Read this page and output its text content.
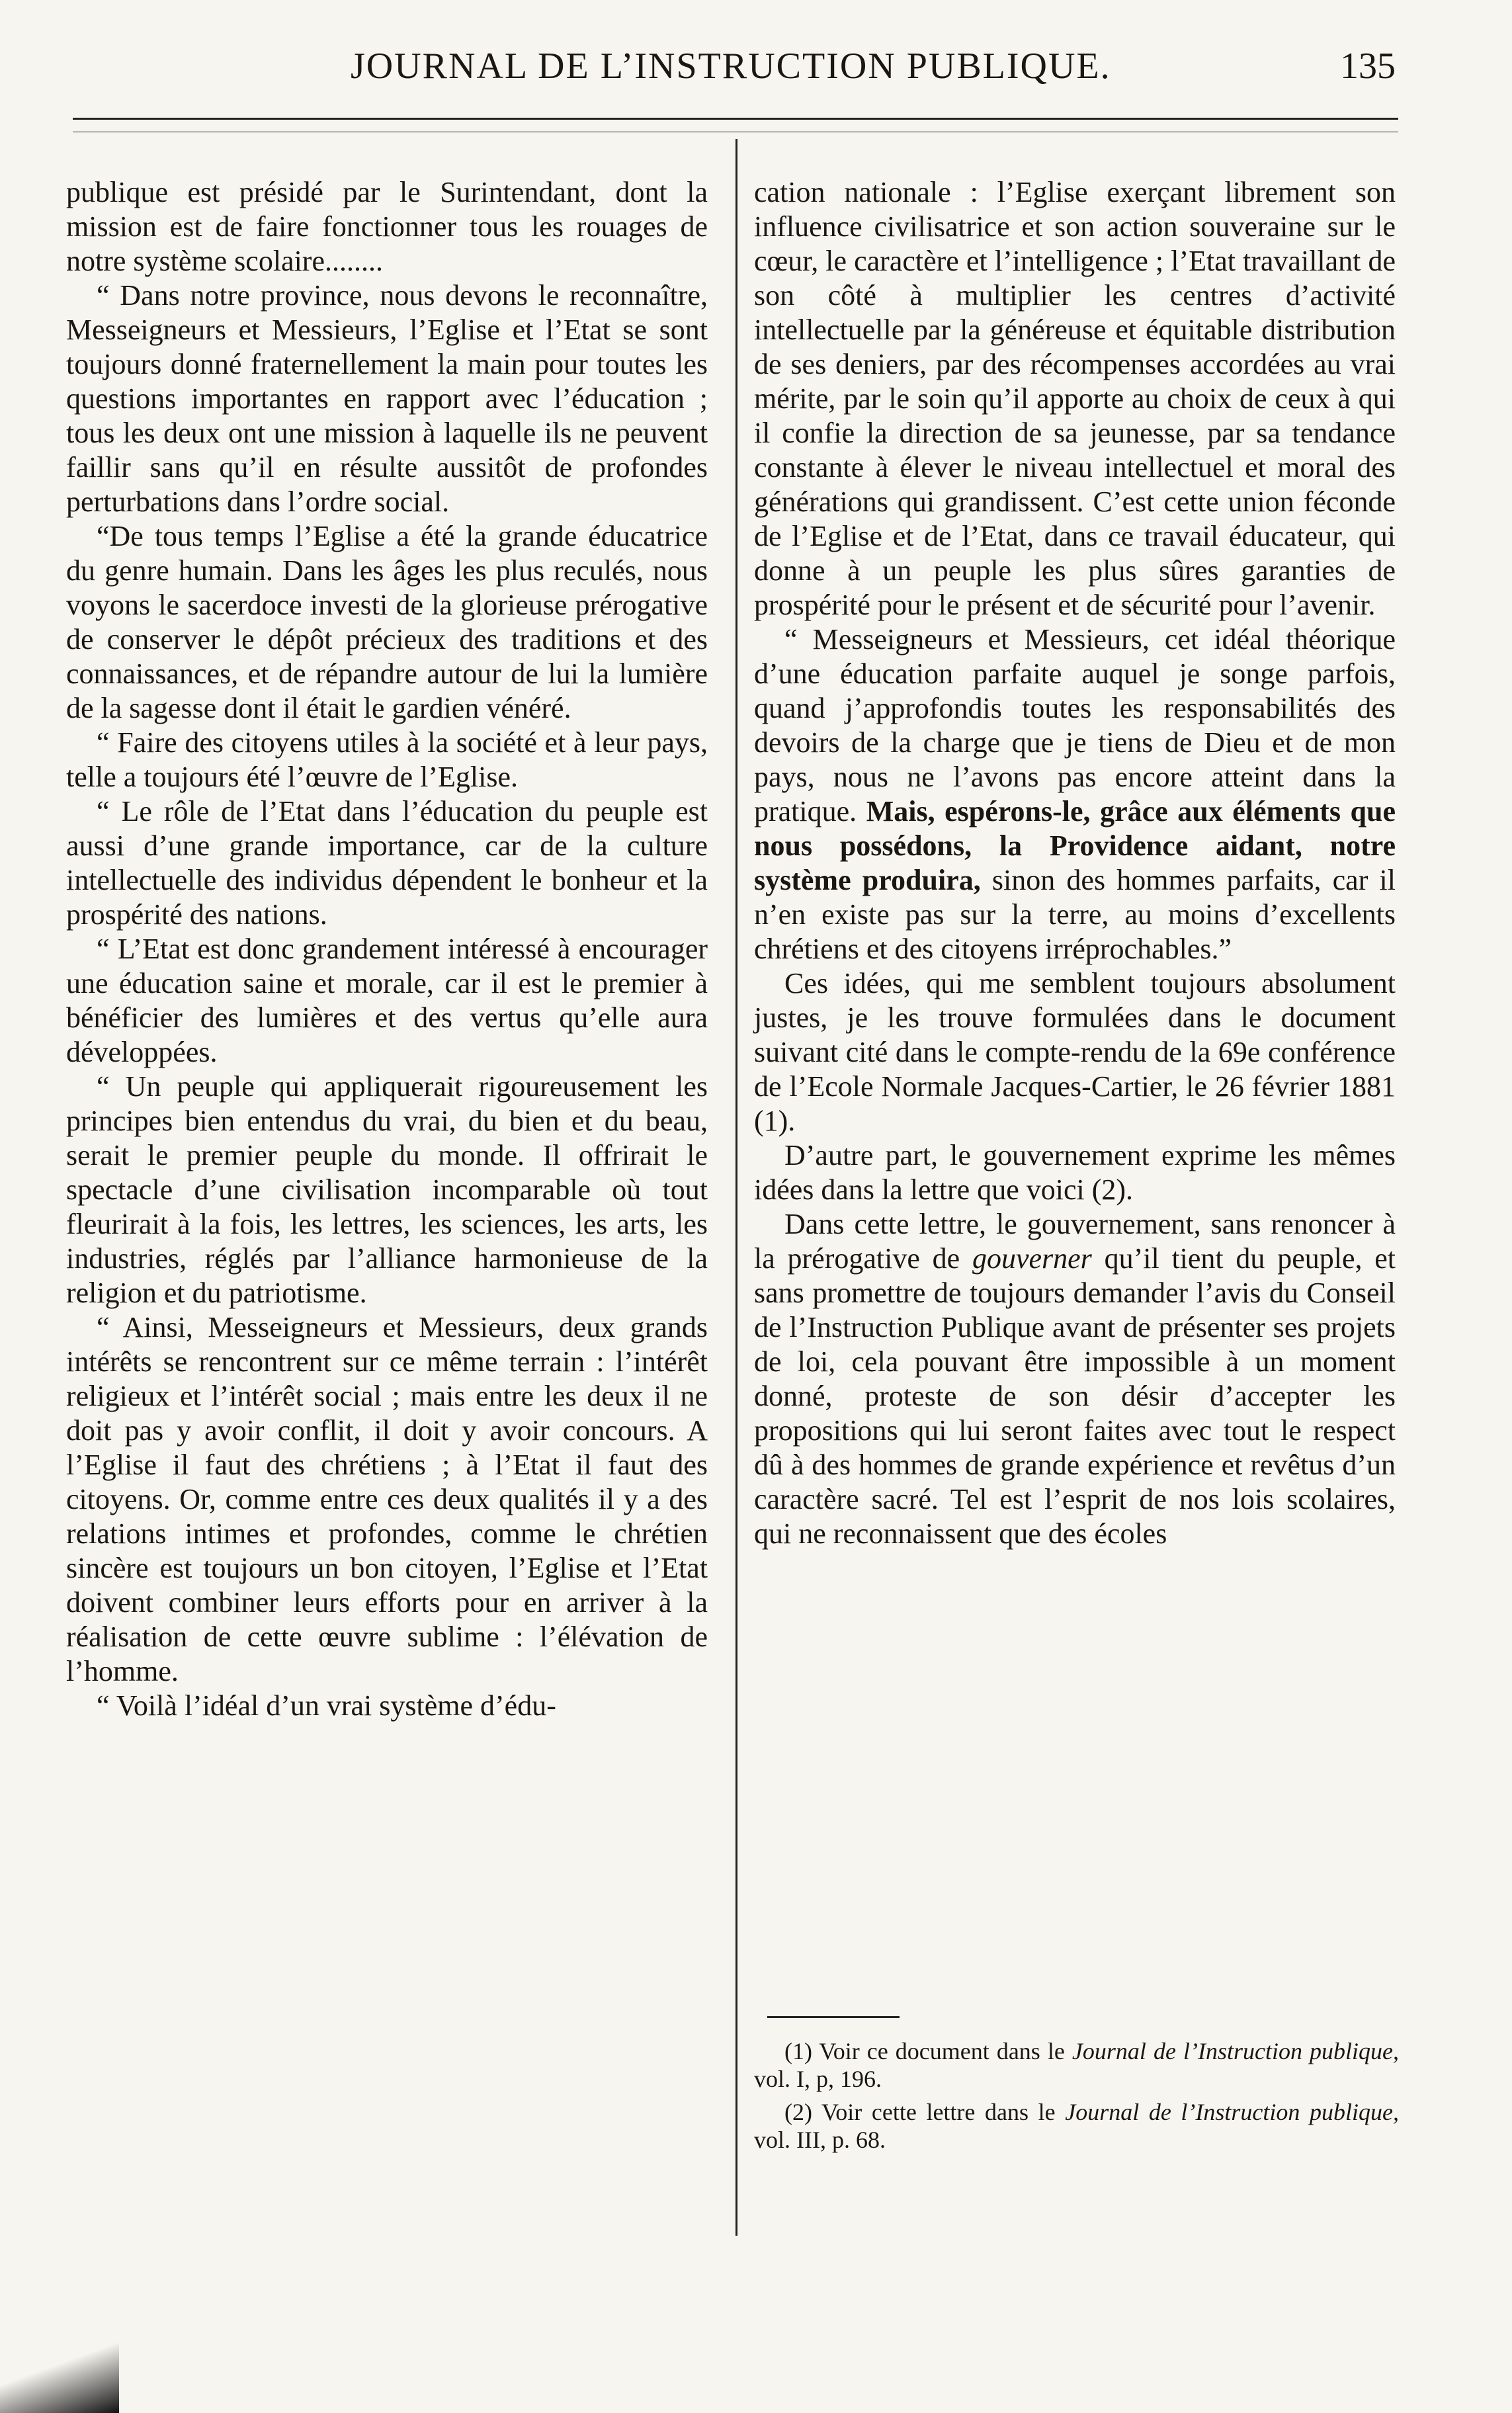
JOURNAL DE L’INSTRUCTION PUBLIQUE.	135

publique est présidé par le Surintendant, dont la mission est de faire fonctionner tous les rouages de notre système scolaire........

“ Dans notre province, nous devons le reconnaître, Messeigneurs et Messieurs, l’Eglise et l’Etat se sont toujours donné fraternellement la main pour toutes les questions importantes en rapport avec l’éducation ; tous les deux ont une mission à laquelle ils ne peuvent faillir sans qu’il en résulte aussitôt de profondes perturbations dans l’ordre social.

“De tous temps l’Eglise a été la grande éducatrice du genre humain. Dans les âges les plus reculés, nous voyons le sacerdoce investi de la glorieuse prérogative de conserver le dépôt précieux des traditions et des connaissances, et de répandre autour de lui la lumière de la sagesse dont il était le gardien vénéré.

“ Faire des citoyens utiles à la société et à leur pays, telle a toujours été l’œuvre de l’Eglise.

“ Le rôle de l’Etat dans l’éducation du peuple est aussi d’une grande importance, car de la culture intellectuelle des individus dépendent le bonheur et la prospérité des nations.

“ L’Etat est donc grandement intéressé à encourager une éducation saine et morale, car il est le premier à bénéficier des lumières et des vertus qu’elle aura développées.

“ Un peuple qui appliquerait rigoureusement les principes bien entendus du vrai, du bien et du beau, serait le premier peuple du monde. Il offrirait le spectacle d’une civilisation incomparable où tout fleurirait à la fois, les lettres, les sciences, les arts, les industries, réglés par l’alliance harmonieuse de la religion et du patriotisme.

“ Ainsi, Messeigneurs et Messieurs, deux grands intérêts se rencontrent sur ce même terrain : l’intérêt religieux et l’intérêt social ; mais entre les deux il ne doit pas y avoir conflit, il doit y avoir concours. A l’Eglise il faut des chrétiens ; à l’Etat il faut des citoyens. Or, comme entre ces deux qualités il y a des relations intimes et profondes, comme le chrétien sincère est toujours un bon citoyen, l’Eglise et l’Etat doivent combiner leurs efforts pour en arriver à la réalisation de cette œuvre sublime : l’élévation de l’homme.

“ Voilà l’idéal d’un vrai système d’édu-

cation nationale : l’Eglise exerçant librement son influence civilisatrice et son action souveraine sur le cœur, le caractère et l’intelligence ; l’Etat travaillant de son côté à multiplier les centres d’activité intellectuelle par la généreuse et équitable distribution de ses deniers, par des récompenses accordées au vrai mérite, par le soin qu’il apporte au choix de ceux à qui il confie la direction de sa jeunesse, par sa tendance constante à élever le niveau intellectuel et moral des générations qui grandissent. C’est cette union féconde de l’Eglise et de l’Etat, dans ce travail éducateur, qui donne à un peuple les plus sûres garanties de prospérité pour le présent et de sécurité pour l’avenir.

“ Messeigneurs et Messieurs, cet idéal théorique d’une éducation parfaite auquel je songe parfois, quand j’approfondis toutes les responsabilités des devoirs de la charge que je tiens de Dieu et de mon pays, nous ne l’avons pas encore atteint dans la pratique. Mais, espérons-le, grâce aux éléments que nous possédons, la Providence aidant, notre système produira, sinon des hommes parfaits, car il n’en existe pas sur la terre, au moins d’excellents chrétiens et des citoyens irréprochables.”

Ces idées, qui me semblent toujours absolument justes, je les trouve formulées dans le document suivant cité dans le compte-rendu de la 69e conférence de l’Ecole Normale Jacques-Cartier, le 26 février 1881 (1).

D’autre part, le gouvernement exprime les mêmes idées dans la lettre que voici (2).

Dans cette lettre, le gouvernement, sans renoncer à la prérogative de gouverner qu’il tient du peuple, et sans promettre de toujours demander l’avis du Conseil de l’Instruction Publique avant de présenter ses projets de loi, cela pouvant être impossible à un moment donné, proteste de son désir d’accepter les propositions qui lui seront faites avec tout le respect dû à des hommes de grande expérience et revêtus d’un caractère sacré. Tel est l’esprit de nos lois scolaires, qui ne reconnaissent que des écoles

(1) Voir ce document dans le Journal de l’Instruction publique, vol. I, p, 196.

(2) Voir cette lettre dans le Journal de l’Instruction publique, vol. III, p. 68.
